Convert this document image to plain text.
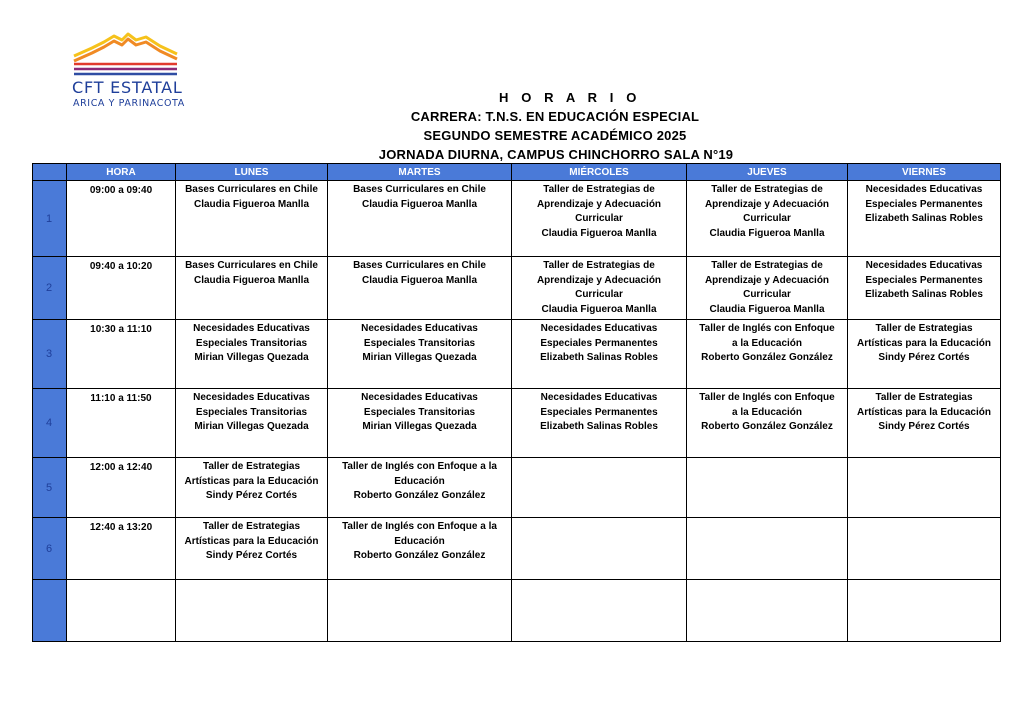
CFT ESTATAL
ARICA Y PARINACOTA	H O R A R I O
CARRERA: T.N.S. EN EDUCACIÓN ESPECIAL
SEGUNDO SEMESTRE ACADÉMICO 2025
JORNADA DIURNA, CAMPUS CHINCHORRO SALA N°19
	HORA	LUNES	MARTES	MIÉRCOLES	JUEVES	VIERNES
1	09:00 a 09:40	Bases Curriculares en Chile
Claudia Figueroa Manlla	Bases Curriculares en Chile
Claudia Figueroa Manlla	Taller de Estrategias de
Aprendizaje y Adecuación
Curricular
Claudia Figueroa Manlla	Taller de Estrategias de
Aprendizaje y Adecuación
Curricular
Claudia Figueroa Manlla	Necesidades Educativas
Especiales Permanentes
Elizabeth Salinas Robles

2	09:40 a 10:20	Bases Curriculares en Chile
Claudia Figueroa Manlla	Bases Curriculares en Chile
Claudia Figueroa Manlla	Taller de Estrategias de
Aprendizaje y Adecuación
Curricular
Claudia Figueroa Manlla	Taller de Estrategias de
Aprendizaje y Adecuación
Curricular
Claudia Figueroa Manlla	Necesidades Educativas
Especiales Permanentes
Elizabeth Salinas Robles

3	10:30 a 11:10	Necesidades Educativas
Especiales Transitorias
Mirian Villegas Quezada	Necesidades Educativas
Especiales Transitorias
Mirian Villegas Quezada	Necesidades Educativas
Especiales Permanentes
Elizabeth Salinas Robles	Taller de Inglés con Enfoque
a la Educación
Roberto González González	Taller de Estrategias
Artísticas para la Educación
Sindy Pérez Cortés

4	11:10 a 11:50	Necesidades Educativas
Especiales Transitorias
Mirian Villegas Quezada	Necesidades Educativas
Especiales Transitorias
Mirian Villegas Quezada	Necesidades Educativas
Especiales Permanentes
Elizabeth Salinas Robles	Taller de Inglés con Enfoque
a la Educación
Roberto González González	Taller de Estrategias
Artísticas para la Educación
Sindy Pérez Cortés

5	12:00 a 12:40	Taller de Estrategias
Artísticas para la Educación
Sindy Pérez Cortés	Taller de Inglés con Enfoque a la
Educación
Roberto González González			

6	12:40 a 13:20	Taller de Estrategias
Artísticas para la Educación
Sindy Pérez Cortés	Taller de Inglés con Enfoque a la
Educación
Roberto González González			
